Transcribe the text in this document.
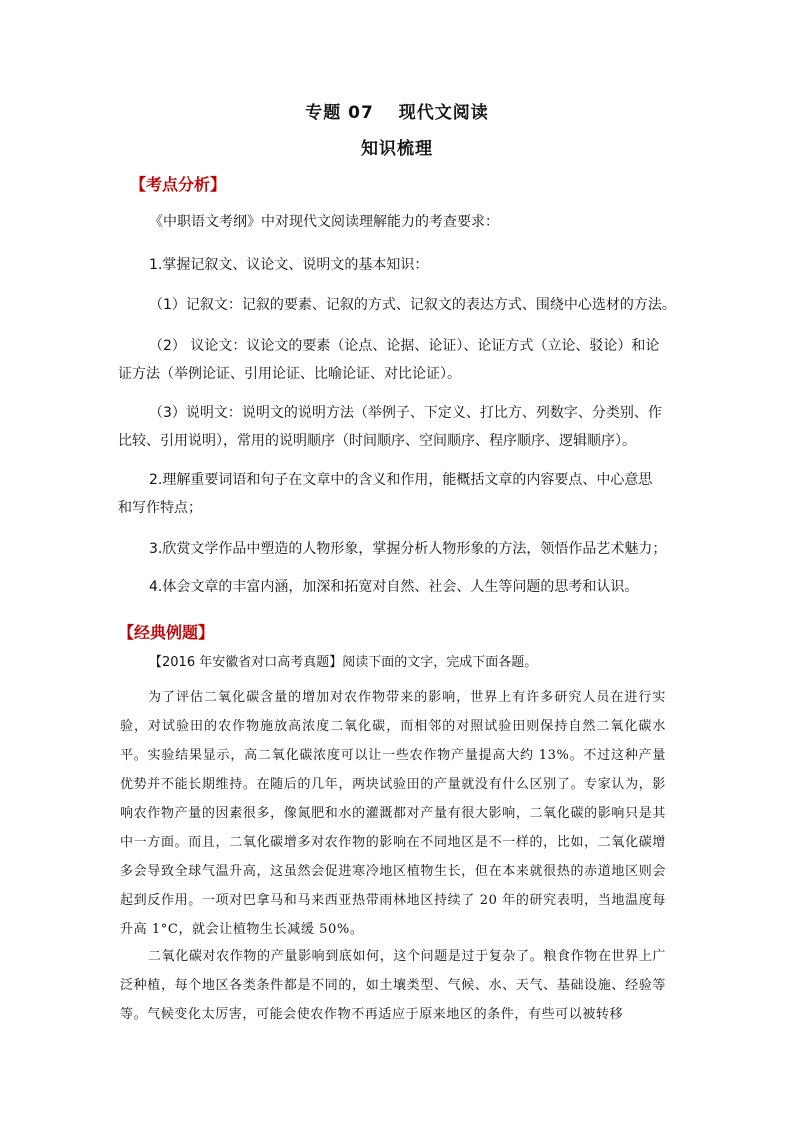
专题 07　 现代文阅读
知识梳理
【考点分析】
《中职语文考纲》中对现代文阅读理解能力的考查要求：
1.掌握记叙文、议论文、说明文的基本知识：
（1）记叙文：记叙的要素、记叙的方式、记叙文的表达方式、围绕中心选材的方法。
（2） 议论文：议论文的要素（论点、论据、论证）、论证方式（立论、驳论）和论证方法（举例论证、引用论证、比喻论证、对比论证）。
（3）说明文：说明文的说明方法（举例子、下定义、打比方、列数字、分类别、作比较、引用说明），常用的说明顺序（时间顺序、空间顺序、程序顺序、逻辑顺序）。
2.理解重要词语和句子在文章中的含义和作用，能概括文章的内容要点、中心意思和写作特点；
3.欣赏文学作品中塑造的人物形象，掌握分析人物形象的方法，领悟作品艺术魅力；
4.体会文章的丰富内涵，加深和拓宽对自然、社会、人生等问题的思考和认识。
【经典例题】
【2016 年安徽省对口高考真题】阅读下面的文字，完成下面各题。
为了评估二氧化碳含量的增加对农作物带来的影响，世界上有许多研究人员在进行实验，对试验田的农作物施放高浓度二氧化碳，而相邻的对照试验田则保持自然二氧化碳水平。实验结果显示，高二氧化碳浓度可以让一些农作物产量提高大约 13%。不过这种产量优势并不能长期维持。在随后的几年，两块试验田的产量就没有什么区别了。专家认为，影响农作物产量的因素很多，像氮肥和水的灌溉都对产量有很大影响，二氧化碳的影响只是其中一方面。而且，二氧化碳增多对农作物的影响在不同地区是不一样的，比如，二氧化碳增多会导致全球气温升高，这虽然会促进寒冷地区植物生长，但在本来就很热的赤道地区则会起到反作用。一项对巴拿马和马来西亚热带雨林地区持续了 20 年的研究表明，当地温度每升高 1°C，就会让植物生长减缓 50%。
二氧化碳对农作物的产量影响到底如何，这个问题是过于复杂了。粮食作物在世界上广泛种植，每个地区各类条件都是不同的，如土壤类型、气候、水、天气、基础设施、经验等等。气候变化太厉害，可能会使农作物不再适应于原来地区的条件，有些可以被转移
